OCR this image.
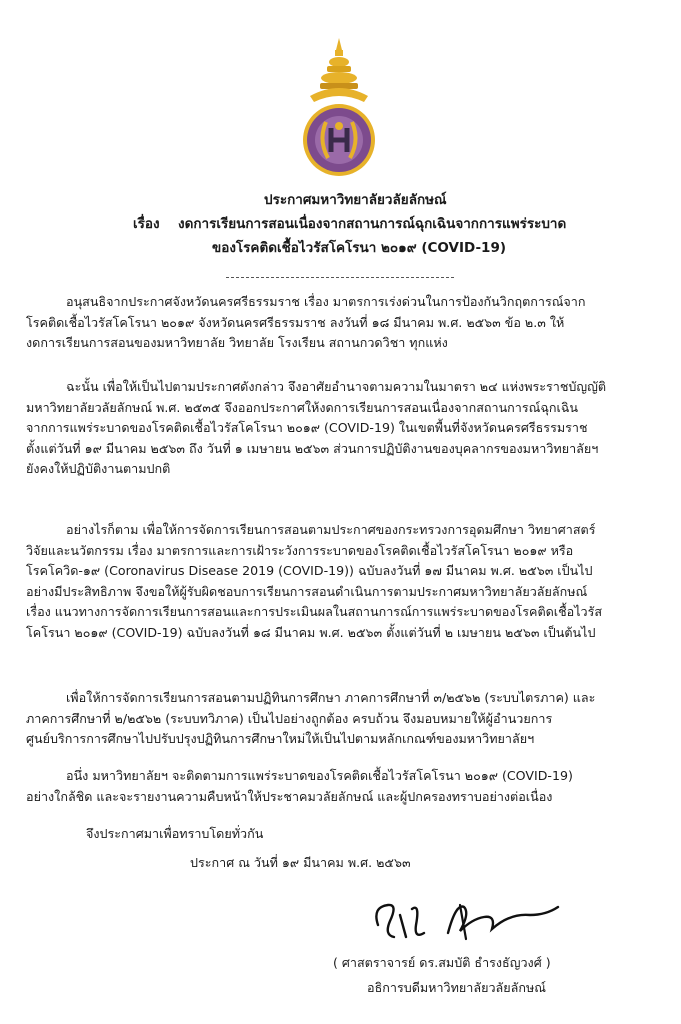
ประกาศมหาวิทยาลัยวลัยลักษณ์
เรื่อง งดการเรียนการสอนเนื่องจากสถานการณ์ฉุกเฉินจากการแพร่ระบาด
ของโรคติดเชื้อไวรัสโคโรนา ๒๐๑๙ (COVID-19)
อนุสนธิจากประกาศจังหวัดนครศรีธรรมราช เรื่อง มาตรการเร่งด่วนในการป้องกันวิกฤตการณ์จาก
โรคติดเชื้อไวรัสโคโรนา ๒๐๑๙ จังหวัดนครศรีธรรมราช ลงวันที่ ๑๘ มีนาคม พ.ศ. ๒๕๖๓ ข้อ ๒.๓ ให้
งดการเรียนการสอนของมหาวิทยาลัย วิทยาลัย โรงเรียน สถานกวดวิชา ทุกแห่ง
ฉะนั้น เพื่อให้เป็นไปตามประกาศดังกล่าว จึงอาศัยอำนาจตามความในมาตรา ๒๔ แห่งพระราชบัญญัติ
มหาวิทยาลัยวลัยลักษณ์ พ.ศ. ๒๕๓๕ จึงออกประกาศให้งดการเรียนการสอนเนื่องจากสถานการณ์ฉุกเฉิน
จากการแพร่ระบาดของโรคติดเชื้อไวรัสโคโรนา ๒๐๑๙ (COVID-19) ในเขตพื้นที่จังหวัดนครศรีธรรมราช
ตั้งแต่วันที่ ๑๙ มีนาคม ๒๕๖๓ ถึง วันที่ ๑ เมษายน ๒๕๖๓ ส่วนการปฏิบัติงานของบุคลากรของมหาวิทยาลัยฯ
ยังคงให้ปฏิบัติงานตามปกติ
อย่างไรก็ตาม เพื่อให้การจัดการเรียนการสอนตามประกาศของกระทรวงการอุดมศึกษา วิทยาศาสตร์
วิจัยและนวัตกรรม เรื่อง มาตรการและการเฝ้าระวังการระบาดของโรคติดเชื้อไวรัสโคโรนา ๒๐๑๙ หรือ
โรคโควิด-๑๙ (Coronavirus Disease 2019 (COVID-19)) ฉบับลงวันที่ ๑๗ มีนาคม พ.ศ. ๒๕๖๓ เป็นไป
อย่างมีประสิทธิภาพ จึงขอให้ผู้รับผิดชอบการเรียนการสอนดำเนินการตามประกาศมหาวิทยาลัยวลัยลักษณ์
เรื่อง แนวทางการจัดการเรียนการสอนและการประเมินผลในสถานการณ์การแพร่ระบาดของโรคติดเชื้อไวรัส
โคโรนา ๒๐๑๙ (COVID-19) ฉบับลงวันที่ ๑๘ มีนาคม พ.ศ. ๒๕๖๓ ตั้งแต่วันที่ ๒ เมษายน ๒๕๖๓ เป็นต้นไป
เพื่อให้การจัดการเรียนการสอนตามปฏิทินการศึกษา ภาคการศึกษาที่ ๓/๒๕๖๒ (ระบบไตรภาค) และ
ภาคการศึกษาที่ ๒/๒๕๖๒ (ระบบทวิภาค) เป็นไปอย่างถูกต้อง ครบถ้วน จึงมอบหมายให้ผู้อำนวยการ
ศูนย์บริการการศึกษาไปปรับปรุงปฏิทินการศึกษาใหม่ให้เป็นไปตามหลักเกณฑ์ของมหาวิทยาลัยฯ
อนึ่ง มหาวิทยาลัยฯ จะติดตามการแพร่ระบาดของโรคติดเชื้อไวรัสโคโรนา ๒๐๑๙ (COVID-19)
อย่างใกล้ชิด และจะรายงานความคืบหน้าให้ประชาคมวลัยลักษณ์ และผู้ปกครองทราบอย่างต่อเนื่อง
จึงประกาศมาเพื่อทราบโดยทั่วกัน
ประกาศ ณ วันที่ ๑๙ มีนาคม พ.ศ. ๒๕๖๓
( ศาสตราจารย์ ดร.สมบัติ ธำรงธัญวงศ์ )
อธิการบดีมหาวิทยาลัยวลัยลักษณ์
